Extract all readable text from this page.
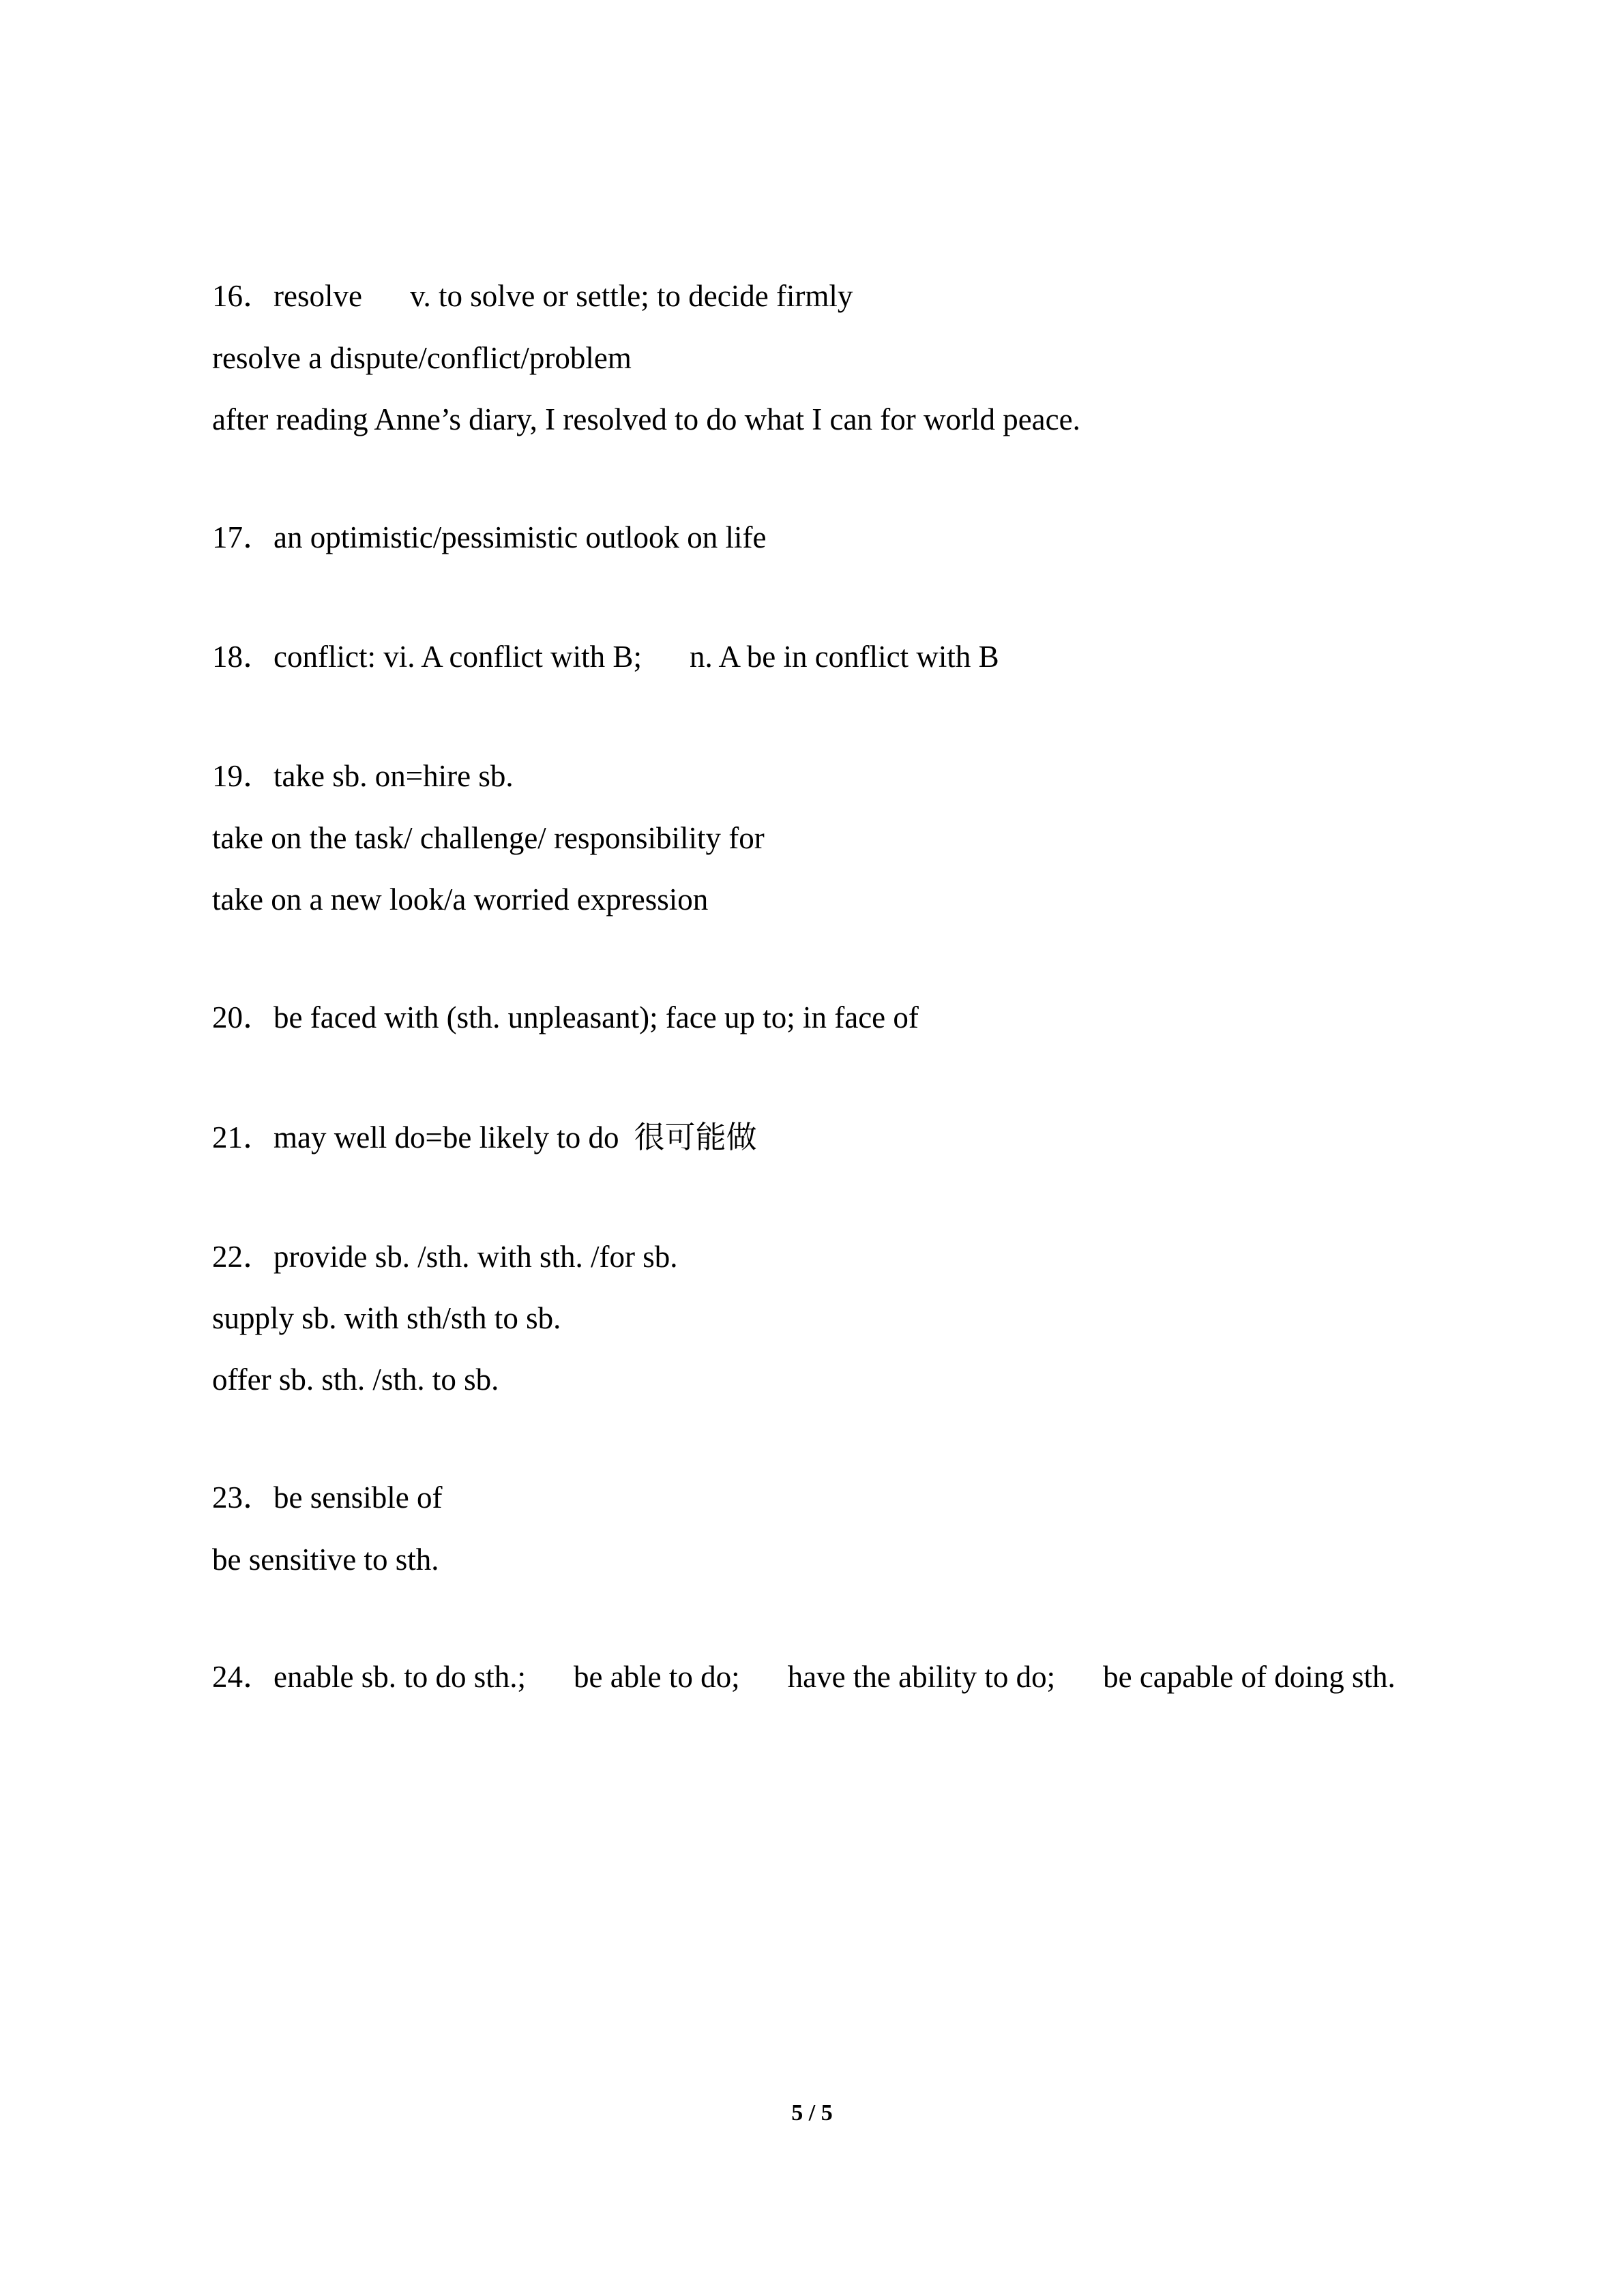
16．resolve v. to solve or settle; to decide firmly
resolve a dispute/conflict/problem
after reading Anne’s diary, I resolved to do what I can for world peace.
17．an optimistic/pessimistic outlook on life
18．conflict: vi. A conflict with B; n. A be in conflict with B
19．take sb. on=hire sb.
take on the task/ challenge/ responsibility for
take on a new look/a worried expression
20．be faced with (sth. unpleasant); face up to; in face of
21．may well do=be likely to do 很可能做
22．provide sb. /sth. with sth. /for sb.
supply sb. with sth/sth to sb.
offer sb. sth. /sth. to sb.
23．be sensible of
be sensitive to sth.
24．enable sb. to do sth.; be able to do; have the ability to do; be capable of doing sth.
5 / 5
